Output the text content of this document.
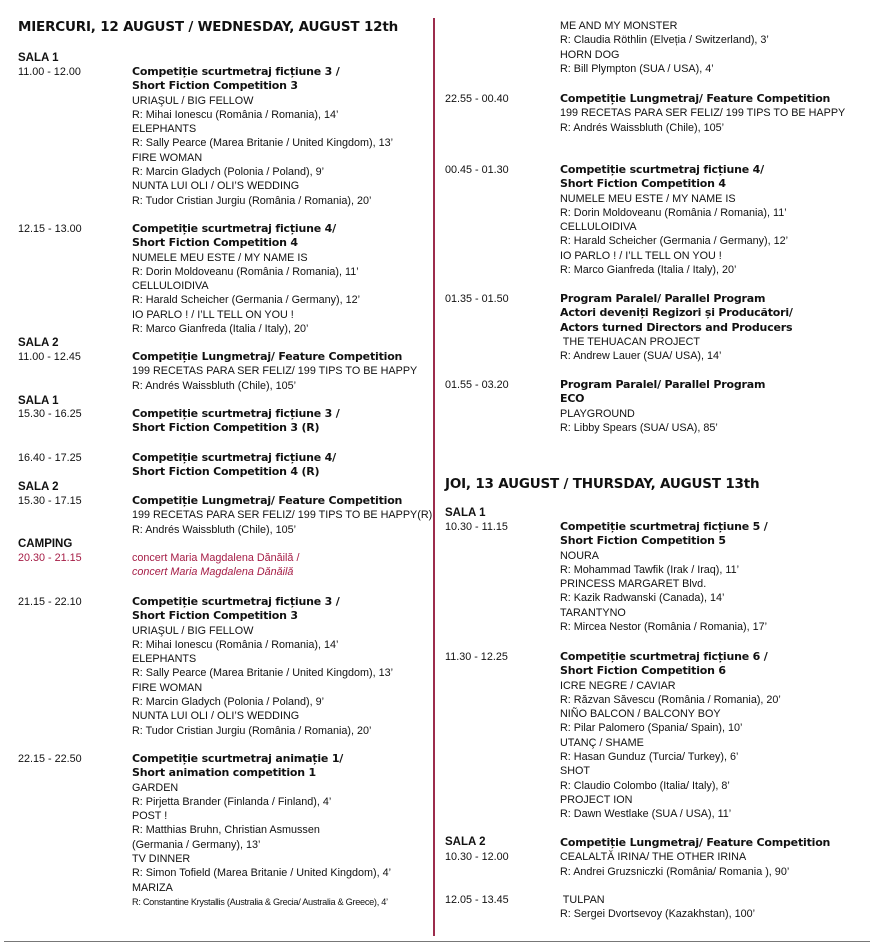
MIERCURI, 12 AUGUST / WEDNESDAY, AUGUST 12th
SALA 1
11.00 - 12.00	Competiție scurtmetraj ficțiune 3 /
Short Fiction Competition 3
URIAŞUL / BIG FELLOW
R: Mihai Ionescu (România / Romania), 14’
ELEPHANTS
R: Sally Pearce (Marea Britanie / United Kingdom), 13’
FIRE WOMAN
R: Marcin Gladych (Polonia / Poland), 9’
NUNTA LUI OLI / OLI’S WEDDING
R: Tudor Cristian Jurgiu (România / Romania), 20’
12.15 - 13.00	Competiție scurtmetraj ficțiune 4/
Short Fiction Competition 4
NUMELE MEU ESTE / MY NAME IS
R: Dorin Moldoveanu (România / Romania), 11’
CELLULOIDIVA
R: Harald Scheicher (Germania / Germany), 12’
IO PARLO ! / I’LL TELL ON YOU !
R: Marco Gianfreda (Italia / Italy), 20’
SALA 2
11.00 - 12.45	Competiție Lungmetraj/ Feature Competition
199 RECETAS PARA SER FELIZ/ 199 TIPS TO BE HAPPY
R: Andrés Waissbluth (Chile), 105’
SALA 1
15.30 - 16.25	Competiție scurtmetraj ficțiune 3 /
Short Fiction Competition 3 (R)
16.40 - 17.25	Competiție scurtmetraj ficțiune 4/
Short Fiction Competition 4 (R)
SALA 2
15.30 - 17.15	Competiție Lungmetraj/ Feature Competition
199 RECETAS PARA SER FELIZ/ 199 TIPS TO BE HAPPY(R)
R: Andrés Waissbluth (Chile), 105’
CAMPING
20.30 - 21.15	concert Maria Magdalena Dănăilă /
concert Maria Magdalena Dănăilă
21.15 - 22.10	Competiție scurtmetraj ficțiune 3 /
Short Fiction Competition 3
URIAŞUL / BIG FELLOW
R: Mihai Ionescu (România / Romania), 14’
ELEPHANTS
R: Sally Pearce (Marea Britanie / United Kingdom), 13’
FIRE WOMAN
R: Marcin Gladych (Polonia / Poland), 9’
NUNTA LUI OLI / OLI’S WEDDING
R: Tudor Cristian Jurgiu (România / Romania), 20’
22.15 - 22.50	Competiție scurtmetraj animație 1/
Short animation competition 1
GARDEN
R: Pirjetta Brander (Finlanda / Finland), 4’
POST !
R: Matthias Bruhn, Christian Asmussen
(Germania / Germany), 13’
TV DINNER
R: Simon Tofield (Marea Britanie / United Kingdom), 4’
MARIZA
R: Constantine Krystallis (Australia & Grecia/ Australia & Greece), 4’
ME AND MY MONSTER
R: Claudia Röthlin (Elveția / Switzerland), 3’
HORN DOG
R: Bill Plympton (SUA / USA), 4’
22.55 - 00.40	Competiție Lungmetraj/ Feature Competition
199 RECETAS PARA SER FELIZ/ 199 TIPS TO BE HAPPY
R: Andrés Waissbluth (Chile), 105’
00.45 - 01.30	Competiție scurtmetraj ficțiune 4/
Short Fiction Competition 4
NUMELE MEU ESTE / MY NAME IS
R: Dorin Moldoveanu (România / Romania), 11’
CELLULOIDIVA
R: Harald Scheicher (Germania / Germany), 12’
IO PARLO ! / I’LL TELL ON YOU !
R: Marco Gianfreda (Italia / Italy), 20’
01.35 - 01.50	Program Paralel/ Parallel Program
Actori deveniți Regizori și Producători/
Actors turned Directors and Producers
THE TEHUACAN PROJECT
R: Andrew Lauer (SUA/ USA), 14’
01.55 - 03.20	Program Paralel/ Parallel Program
ECO
PLAYGROUND
R: Libby Spears (SUA/ USA), 85’
JOI, 13 AUGUST / THURSDAY, AUGUST 13th
SALA 1
10.30 - 11.15	Competiție scurtmetraj ficțiune 5 /
Short Fiction Competition 5
NOURA
R: Mohammad Tawfik (Irak / Iraq), 11’
PRINCESS MARGARET Blvd.
R: Kazik Radwanski (Canada), 14’
TARANTYNO
R: Mircea Nestor (România / Romania), 17’
11.30 - 12.25	Competiție scurtmetraj ficțiune 6 /
Short Fiction Competition 6
ICRE NEGRE / CAVIAR
R: Răzvan Săvescu (România / Romania), 20’
NIÑO BALCON / BALCONY BOY
R: Pilar Palomero (Spania/ Spain), 10’
UTANÇ / SHAME
R: Hasan Gunduz (Turcia/ Turkey), 6’
SHOT
R: Claudio Colombo (Italia/ Italy), 8’
PROJECT ION
R: Dawn Westlake (SUA / USA), 11’
SALA 2
10.30 - 12.00
Competiție Lungmetraj/ Feature Competition
CEALALTĂ IRINA/ THE OTHER IRINA
R: Andrei Gruzsniczki (România/ Romania ), 90’
12.05 - 13.45	TULPAN
R: Sergei Dvortsevoy (Kazakhstan), 100’
